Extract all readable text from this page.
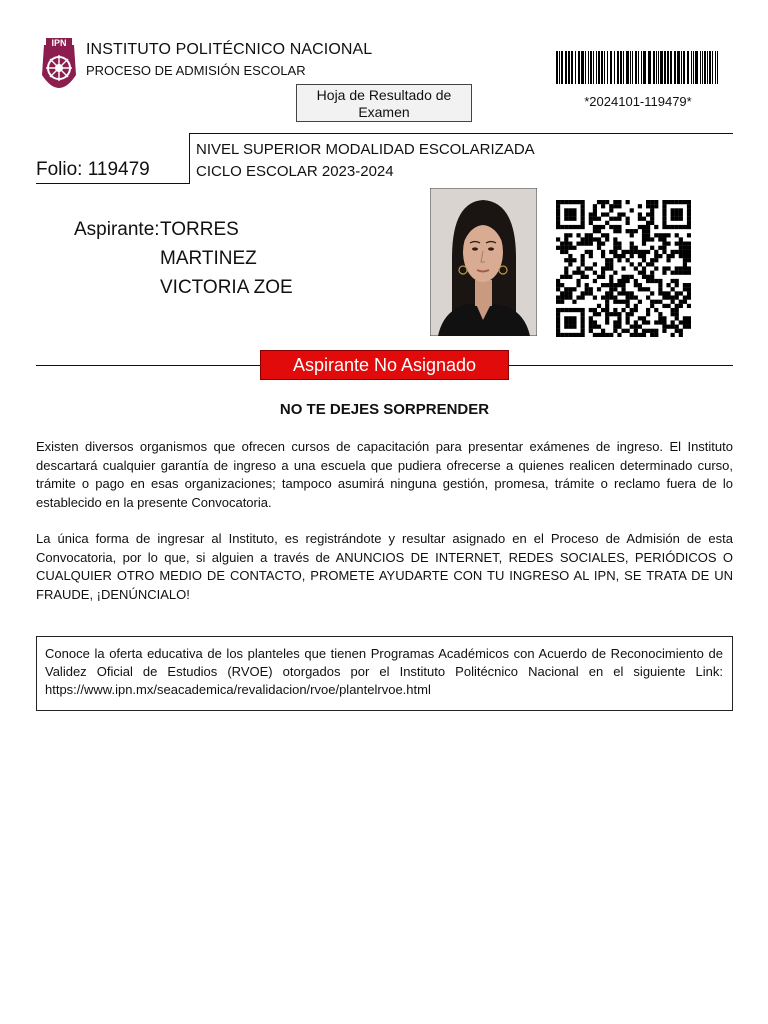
IPN INSTITUTO POLITÉCNICO NACIONAL
PROCESO DE ADMISIÓN ESCOLAR
*2024101-119479*
Hoja de Resultado de
Examen
Folio: 119479
NIVEL SUPERIOR MODALIDAD ESCOLARIZADA
CICLO ESCOLAR 2023-2024
Aspirante: TORRES
MARTINEZ
VICTORIA ZOE
Aspirante No Asignado
NO TE DEJES SORPRENDER
Existen diversos organismos que ofrecen cursos de capacitación para presentar exámenes de ingreso. El Instituto descartará cualquier garantía de ingreso a una escuela que pudiera ofrecerse a quienes realicen determinado curso, trámite o pago en esas organizaciones; tampoco asumirá ninguna gestión, promesa, trámite o reclamo fuera de lo establecido en la presente Convocatoria.
La única forma de ingresar al Instituto, es registrándote y resultar asignado en el Proceso de Admisión de esta Convocatoria, por lo que, si alguien a través de ANUNCIOS DE INTERNET, REDES SOCIALES, PERIÓDICOS O CUALQUIER OTRO MEDIO DE CONTACTO, PROMETE AYUDARTE CON TU INGRESO AL IPN, SE TRATA DE UN FRAUDE, ¡DENÚNCIALO!
Conoce la oferta educativa de los planteles que tienen Programas Académicos con Acuerdo de Reconocimiento de Validez Oficial de Estudios (RVOE) otorgados por el Instituto Politécnico Nacional en el siguiente Link: https://www.ipn.mx/seacademica/revalidacion/rvoe/plantelrvoe.html
